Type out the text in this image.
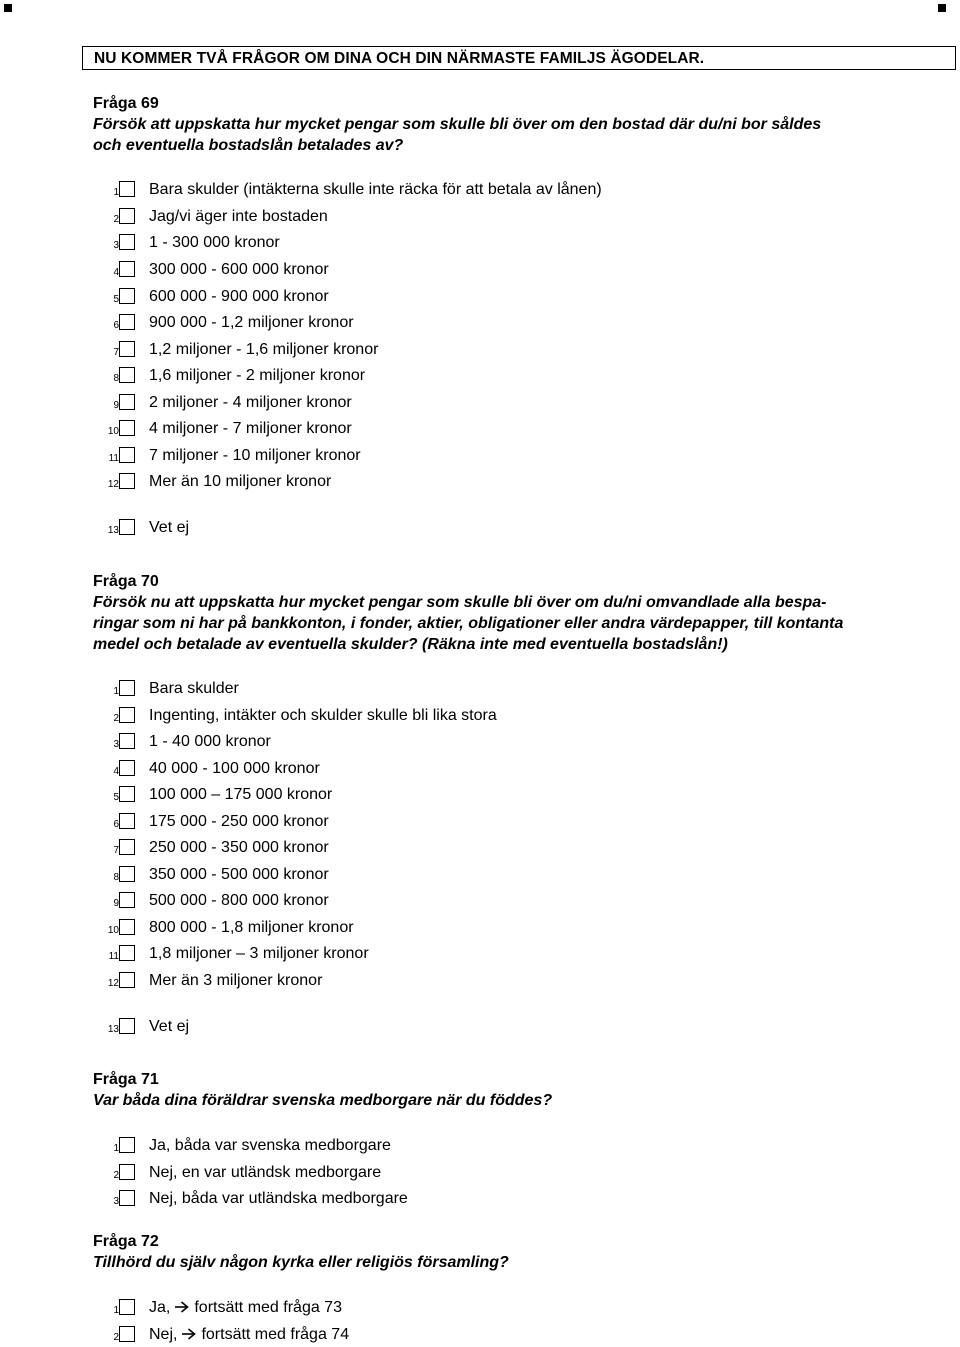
NU KOMMER TVÅ FRÅGOR OM DINA OCH DIN NÄRMASTE FAMILJS ÄGODELAR.
Fråga 69
Försök att uppskatta hur mycket pengar som skulle bli över om den bostad där du/ni bor såldes
och eventuella bostadslån betalades av?
1 Bara skulder (intäkterna skulle inte räcka för att betala av lånen)
2 Jag/vi äger inte bostaden
3 1 - 300 000 kronor
4 300 000 - 600 000 kronor
5 600 000 - 900 000 kronor
6 900 000 - 1,2 miljoner kronor
7 1,2 miljoner - 1,6 miljoner kronor
8 1,6 miljoner - 2 miljoner kronor
9 2 miljoner - 4 miljoner kronor
10 4 miljoner - 7 miljoner kronor
11 7 miljoner - 10 miljoner kronor
12 Mer än 10 miljoner kronor
13 Vet ej
Fråga 70
Försök nu att uppskatta hur mycket pengar som skulle bli över om du/ni omvandlade alla bespa-
ringar som ni har på bankkonton, i fonder, aktier, obligationer eller andra värdepapper, till kontanta
medel och betalade av eventuella skulder? (Räkna inte med eventuella bostadslån!)
1 Bara skulder
2 Ingenting, intäkter och skulder skulle bli lika stora
3 1 - 40 000 kronor
4 40 000 - 100 000 kronor
5 100 000 – 175 000 kronor
6 175 000 - 250 000 kronor
7 250 000 - 350 000 kronor
8 350 000 - 500 000 kronor
9 500 000 - 800 000 kronor
10 800 000 - 1,8 miljoner kronor
11 1,8 miljoner – 3 miljoner kronor
12 Mer än 3 miljoner kronor
13 Vet ej
Fråga 71
Var båda dina föräldrar svenska medborgare när du föddes?
1 Ja, båda var svenska medborgare
2 Nej, en var utländsk medborgare
3 Nej, båda var utländska medborgare
Fråga 72
Tillhörd du själv någon kyrka eller religiös församling?
1 Ja, fortsätt med fråga 73
2 Nej, fortsätt med fråga 74
